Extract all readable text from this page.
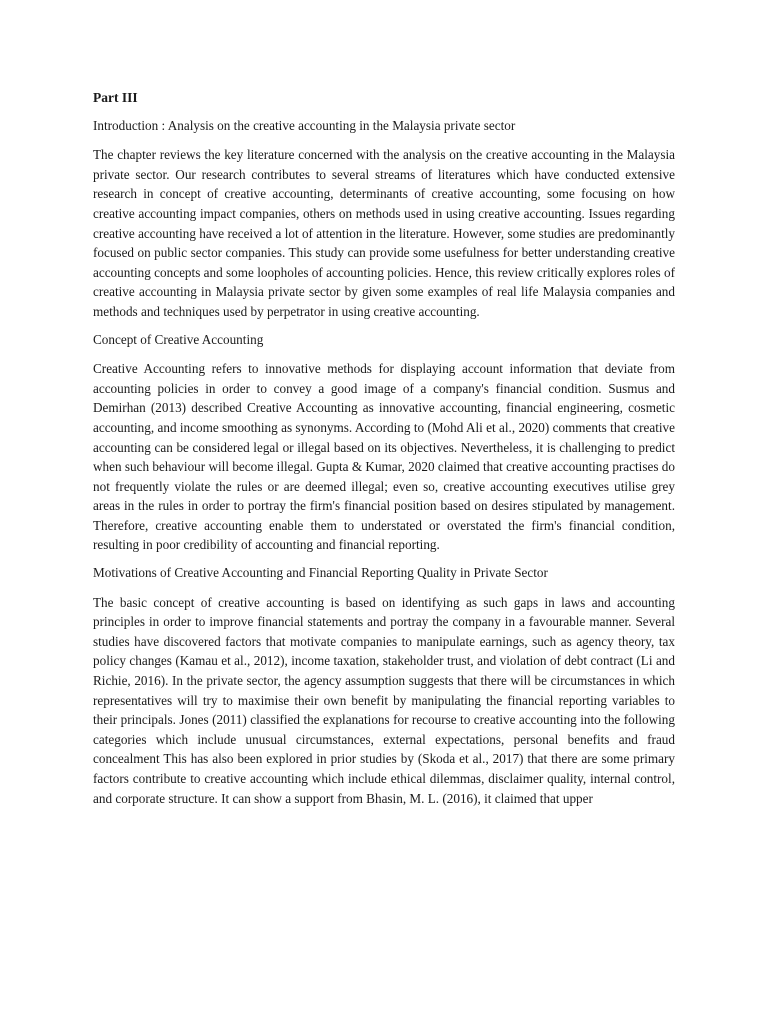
Part III
Introduction : Analysis on the creative accounting in the Malaysia private sector
The chapter reviews the key literature concerned with the analysis on the creative accounting in the Malaysia private sector. Our research contributes to several streams of literatures which have conducted extensive research in concept of creative accounting, determinants of creative accounting, some focusing on how creative accounting impact companies, others on methods used in using creative accounting. Issues regarding creative accounting have received a lot of attention in the literature. However, some studies are predominantly focused on public sector companies. This study can provide some usefulness for better understanding creative accounting concepts and some loopholes of accounting policies. Hence, this review critically explores roles of creative accounting in Malaysia private sector by given some examples of real life Malaysia companies and methods and techniques used by perpetrator in using creative accounting.
Concept of Creative Accounting
Creative Accounting refers to innovative methods for displaying account information that deviate from accounting policies in order to convey a good image of a company's financial condition. Susmus and Demirhan (2013) described Creative Accounting as innovative accounting, financial engineering, cosmetic accounting, and income smoothing as synonyms. According to (Mohd Ali et al., 2020) comments that creative accounting can be considered legal or illegal based on its objectives. Nevertheless, it is challenging to predict when such behaviour will become illegal. Gupta & Kumar, 2020 claimed that creative accounting practises do not frequently violate the rules or are deemed illegal; even so, creative accounting executives utilise grey areas in the rules in order to portray the firm's financial position based on desires stipulated by management. Therefore, creative accounting enable them to understated or overstated the firm's financial condition, resulting in poor credibility of accounting and financial reporting.
Motivations of Creative Accounting and Financial Reporting Quality in Private Sector
The basic concept of creative accounting is based on identifying as such gaps in laws and accounting principles in order to improve financial statements and portray the company in a favourable manner. Several studies have discovered factors that motivate companies to manipulate earnings, such as agency theory, tax policy changes (Kamau et al., 2012), income taxation, stakeholder trust, and violation of debt contract (Li and Richie, 2016). In the private sector, the agency assumption suggests that there will be circumstances in which representatives will try to maximise their own benefit by manipulating the financial reporting variables to their principals. Jones (2011) classified the explanations for recourse to creative accounting into the following categories which include unusual circumstances, external expectations, personal benefits and fraud concealment This has also been explored in prior studies by (Skoda et al., 2017) that there are some primary factors contribute to creative accounting which include ethical dilemmas, disclaimer quality, internal control, and corporate structure. It can show a support from Bhasin, M. L. (2016), it claimed that upper
